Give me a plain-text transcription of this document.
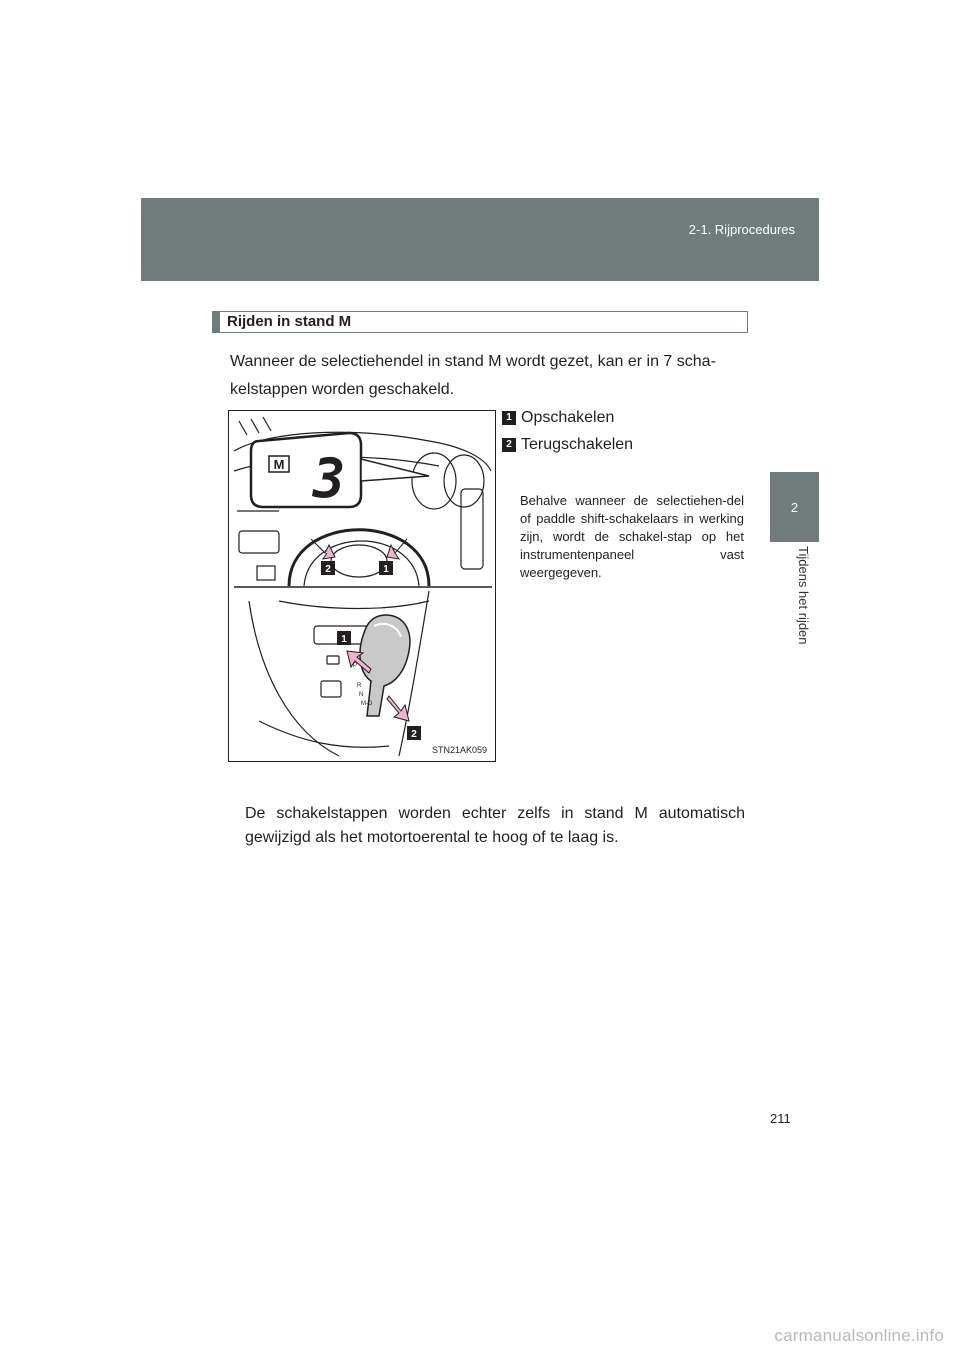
2-1. Rijprocedures
2
Tijdens het rijden
Rijden in stand M
Wanneer de selectiehendel in stand M wordt gezet, kan er in 7 scha-kelstappen worden geschakeld.
M 3
2	1
P
R
N
M-D
1
2
STN21AK059
1 Opschakelen
2 Terugschakelen
Behalve wanneer de selectiehen-del of paddle shift-schakelaars in werking zijn, wordt de schakel-stap op het instrumentenpaneel vast weergegeven.
De schakelstappen worden echter zelfs in stand M automatisch gewijzigd als het motortoerental te hoog of te laag is.
211
carmanualsonline.info
